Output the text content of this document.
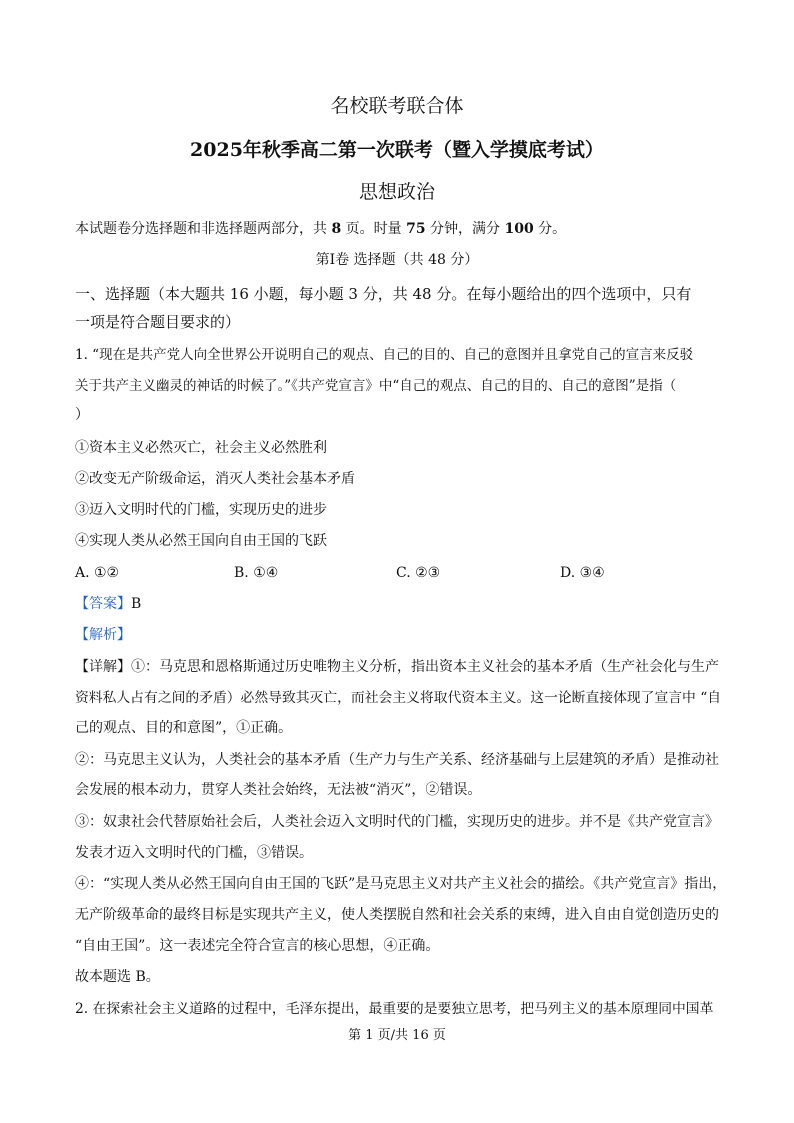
名校联考联合体
2025年秋季高二第一次联考（暨入学摸底考试）
思想政治
本试题卷分选择题和非选择题两部分，共 8 页。时量 75 分钟，满分 100 分。
第Ⅰ卷 选择题（共 48 分）
一、选择题（本大题共 16 小题，每小题 3 分，共 48 分。在每小题给出的四个选项中，只有
一项是符合题目要求的）
1. “现在是共产党人向全世界公开说明自己的观点、自己的目的、自己的意图并且拿党自己的宣言来反驳
关于共产主义幽灵的神话的时候了。”《共产党宣言》中“自己的观点、自己的目的、自己的意图”是指（
）
①资本主义必然灭亡，社会主义必然胜利
②改变无产阶级命运，消灭人类社会基本矛盾
③迈入文明时代的门槛，实现历史的进步
④实现人类从必然王国向自由王国的飞跃
A. ①②	B. ①④	C. ②③	D. ③④
【答案】B
【解析】
【详解】①：马克思和恩格斯通过历史唯物主义分析，指出资本主义社会的基本矛盾（生产社会化与生产
资料私人占有之间的矛盾）必然导致其灭亡，而社会主义将取代资本主义。这一论断直接体现了宣言中 “自
己的观点、目的和意图”，①正确。
②：马克思主义认为，人类社会的基本矛盾（生产力与生产关系、经济基础与上层建筑的矛盾）是推动社
会发展的根本动力，贯穿人类社会始终，无法被“消灭”，②错误。
③：奴隶社会代替原始社会后，人类社会迈入文明时代的门槛，实现历史的进步。并不是《共产党宣言》
发表才迈入文明时代的门槛，③错误。
④：“实现人类从必然王国向自由王国的飞跃”是马克思主义对共产主义社会的描绘。《共产党宣言》指出，
无产阶级革命的最终目标是实现共产主义，使人类摆脱自然和社会关系的束缚，进入自由自觉创造历史的
“自由王国”。这一表述完全符合宣言的核心思想，④正确。
故本题选 B。
2. 在探索社会主义道路的过程中，毛泽东提出，最重要的是要独立思考，把马列主义的基本原理同中国革
第 1 页/共 16 页
